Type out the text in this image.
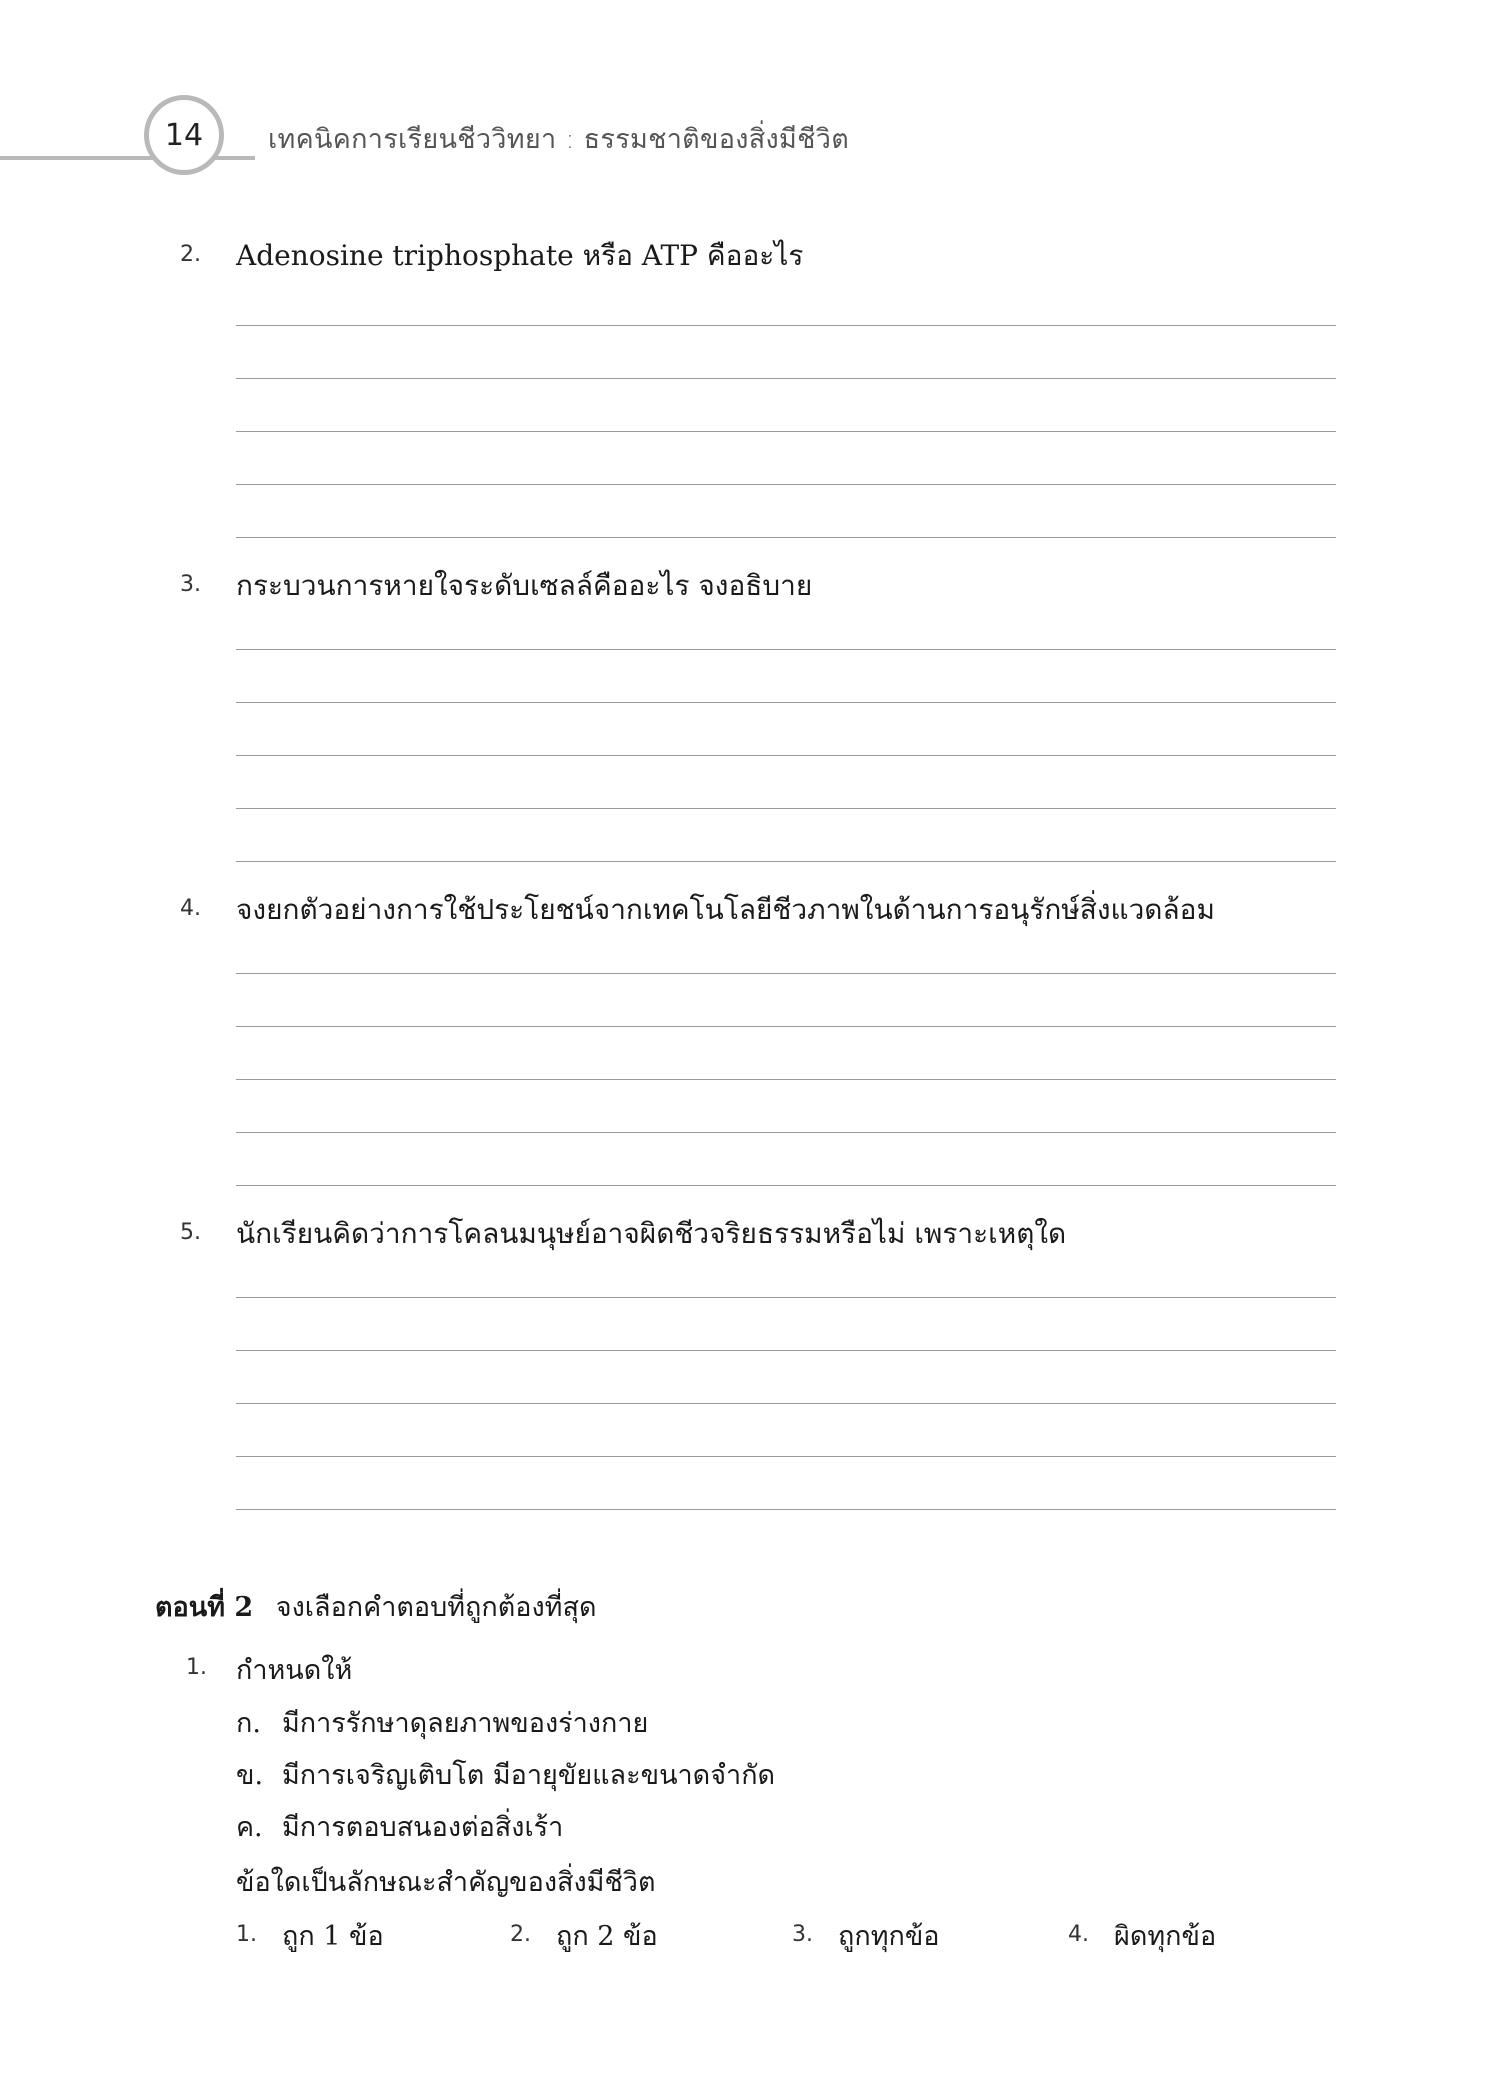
14 เทคนิคการเรียนชีววิทยา : ธรรมชาติของสิ่งมีชีวิต
2.	Adenosine triphosphate หรือ ATP คืออะไร
3.	กระบวนการหายใจระดับเซลล์คืออะไร จงอธิบาย
4.	จงยกตัวอย่างการใช้ประโยชน์จากเทคโนโลยีชีวภาพในด้านการอนุรักษ์สิ่งแวดล้อม
5.	นักเรียนคิดว่าการโคลนมนุษย์อาจผิดชีวจริยธรรมหรือไม่ เพราะเหตุใด
ตอนที่ 2 จงเลือกคำตอบที่ถูกต้องที่สุด
1. กำหนดให้
ก. มีการรักษาดุลยภาพของร่างกาย
ข. มีการเจริญเติบโต มีอายุขัยและขนาดจำกัด
ค. มีการตอบสนองต่อสิ่งเร้า
ข้อใดเป็นลักษณะสำคัญของสิ่งมีชีวิต
1. ถูก 1 ข้อ	2. ถูก 2 ข้อ	3. ถูกทุกข้อ	4. ผิดทุกข้อ
